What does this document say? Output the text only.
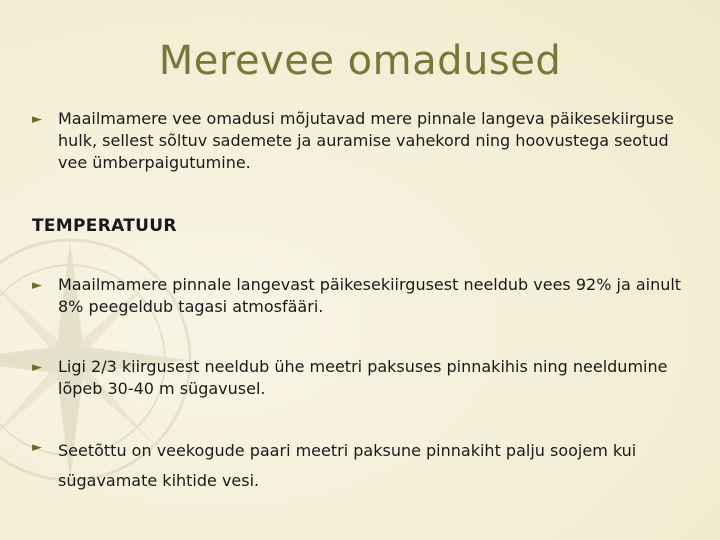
Merevee omadused
►	Maailmamere vee omadusi mõjutavad mere pinnale langeva päikesekiirguse hulk, sellest sõltuv sademete ja auramise vahekord ning hoovustega seotud vee ümberpaigutumine.
TEMPERATUUR
►	Maailmamere pinnale langevast päikesekiirgusest neeldub vees 92% ja ainult 8% peegeldub tagasi atmosfääri.
►	Ligi 2/3 kiirgusest neeldub ühe meetri paksuses pinnakihis ning neeldumine lõpeb 30-40 m sügavusel.
►	Seetõttu on veekogude paari meetri paksune pinnakiht palju soojem kui sügavamate kihtide vesi.
